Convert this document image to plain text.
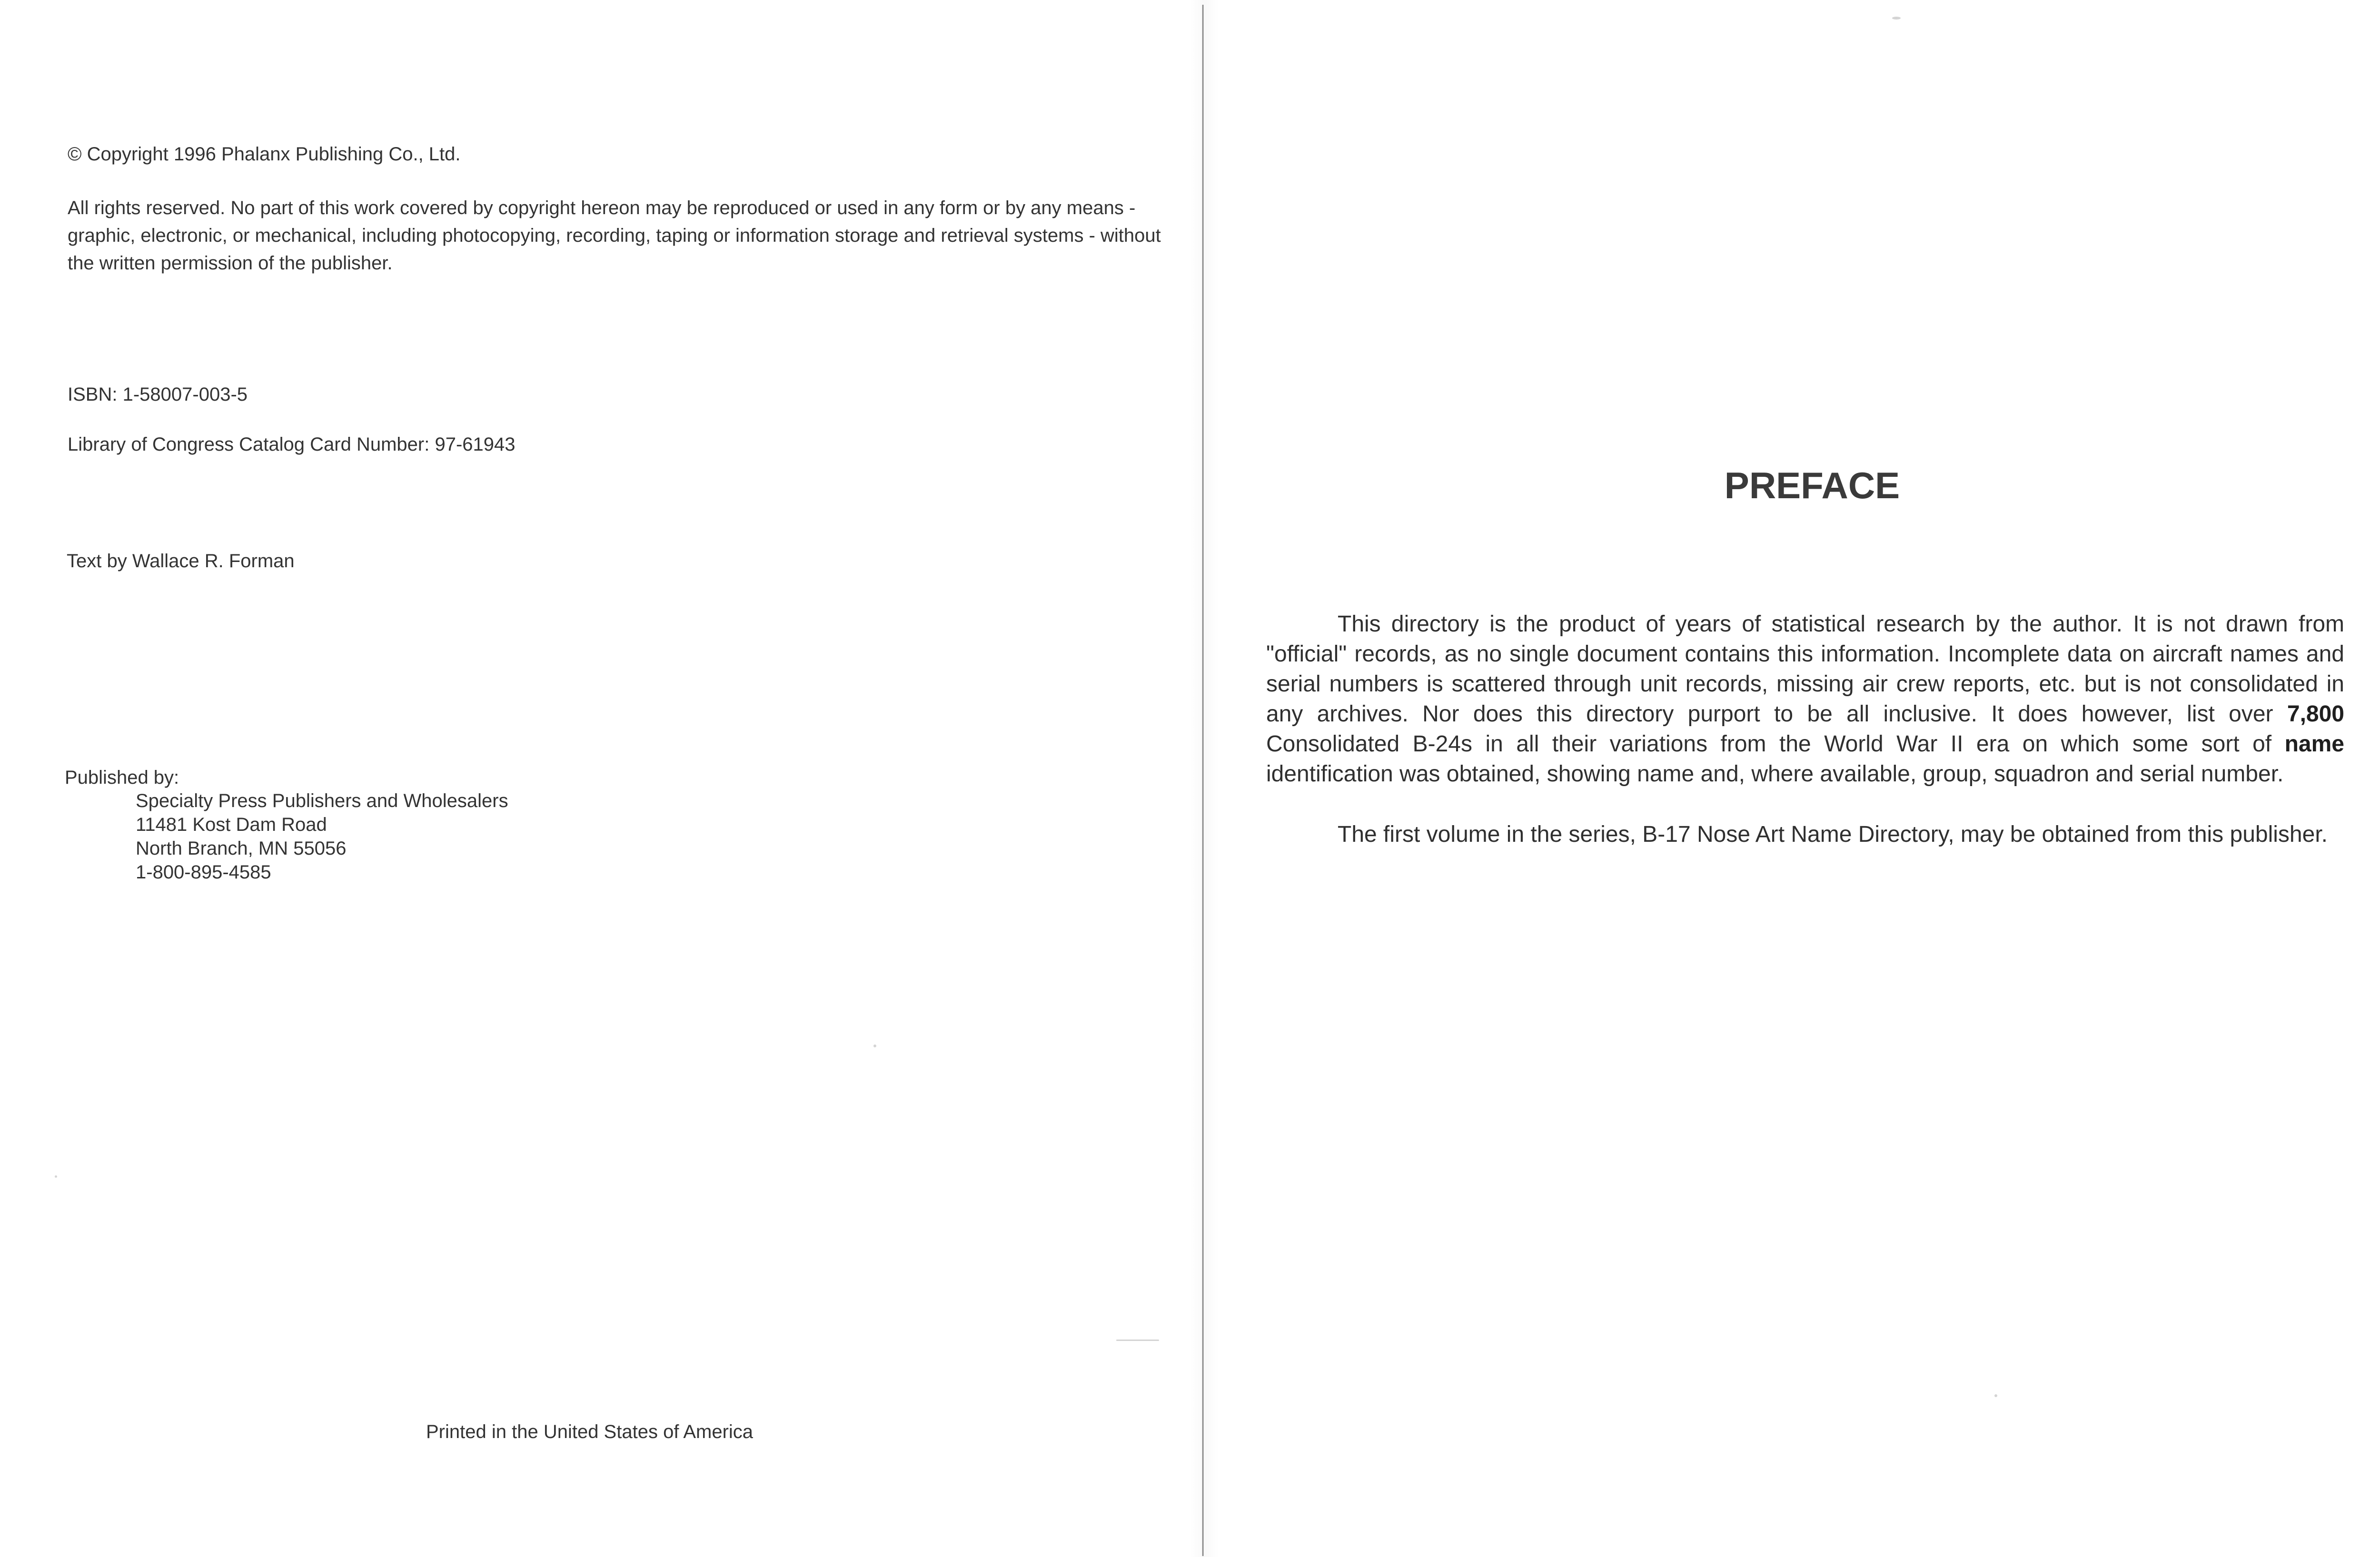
© Copyright 1996 Phalanx Publishing Co., Ltd.

All rights reserved. No part of this work covered by copyright hereon may be reproduced or used in any form or by any means - graphic, electronic, or mechanical, including photocopying, recording, taping or information storage and retrieval systems - without the written permission of the publisher.

ISBN: 1-58007-003-5

Library of Congress Catalog Card Number: 97-61943

Text by Wallace R. Forman

Published by:

Specialty Press Publishers and Wholesalers
11481 Kost Dam Road
North Branch, MN 55056
1-800-895-4585

Printed in the United States of America

PREFACE

This directory is the product of years of statistical research by the author. It is not drawn from "official" records, as no single document contains this information. Incomplete data on aircraft names and serial numbers is scattered through unit records, missing air crew reports, etc. but is not consolidated in any archives. Nor does this directory purport to be all inclusive. It does however, list over 7,800 Consolidated B-24s in all their variations from the World War II era on which some sort of name identification was obtained, showing name and, where available, group, squadron and serial number.

The first volume in the series, B-17 Nose Art Name Directory, may be obtained from this publisher.
